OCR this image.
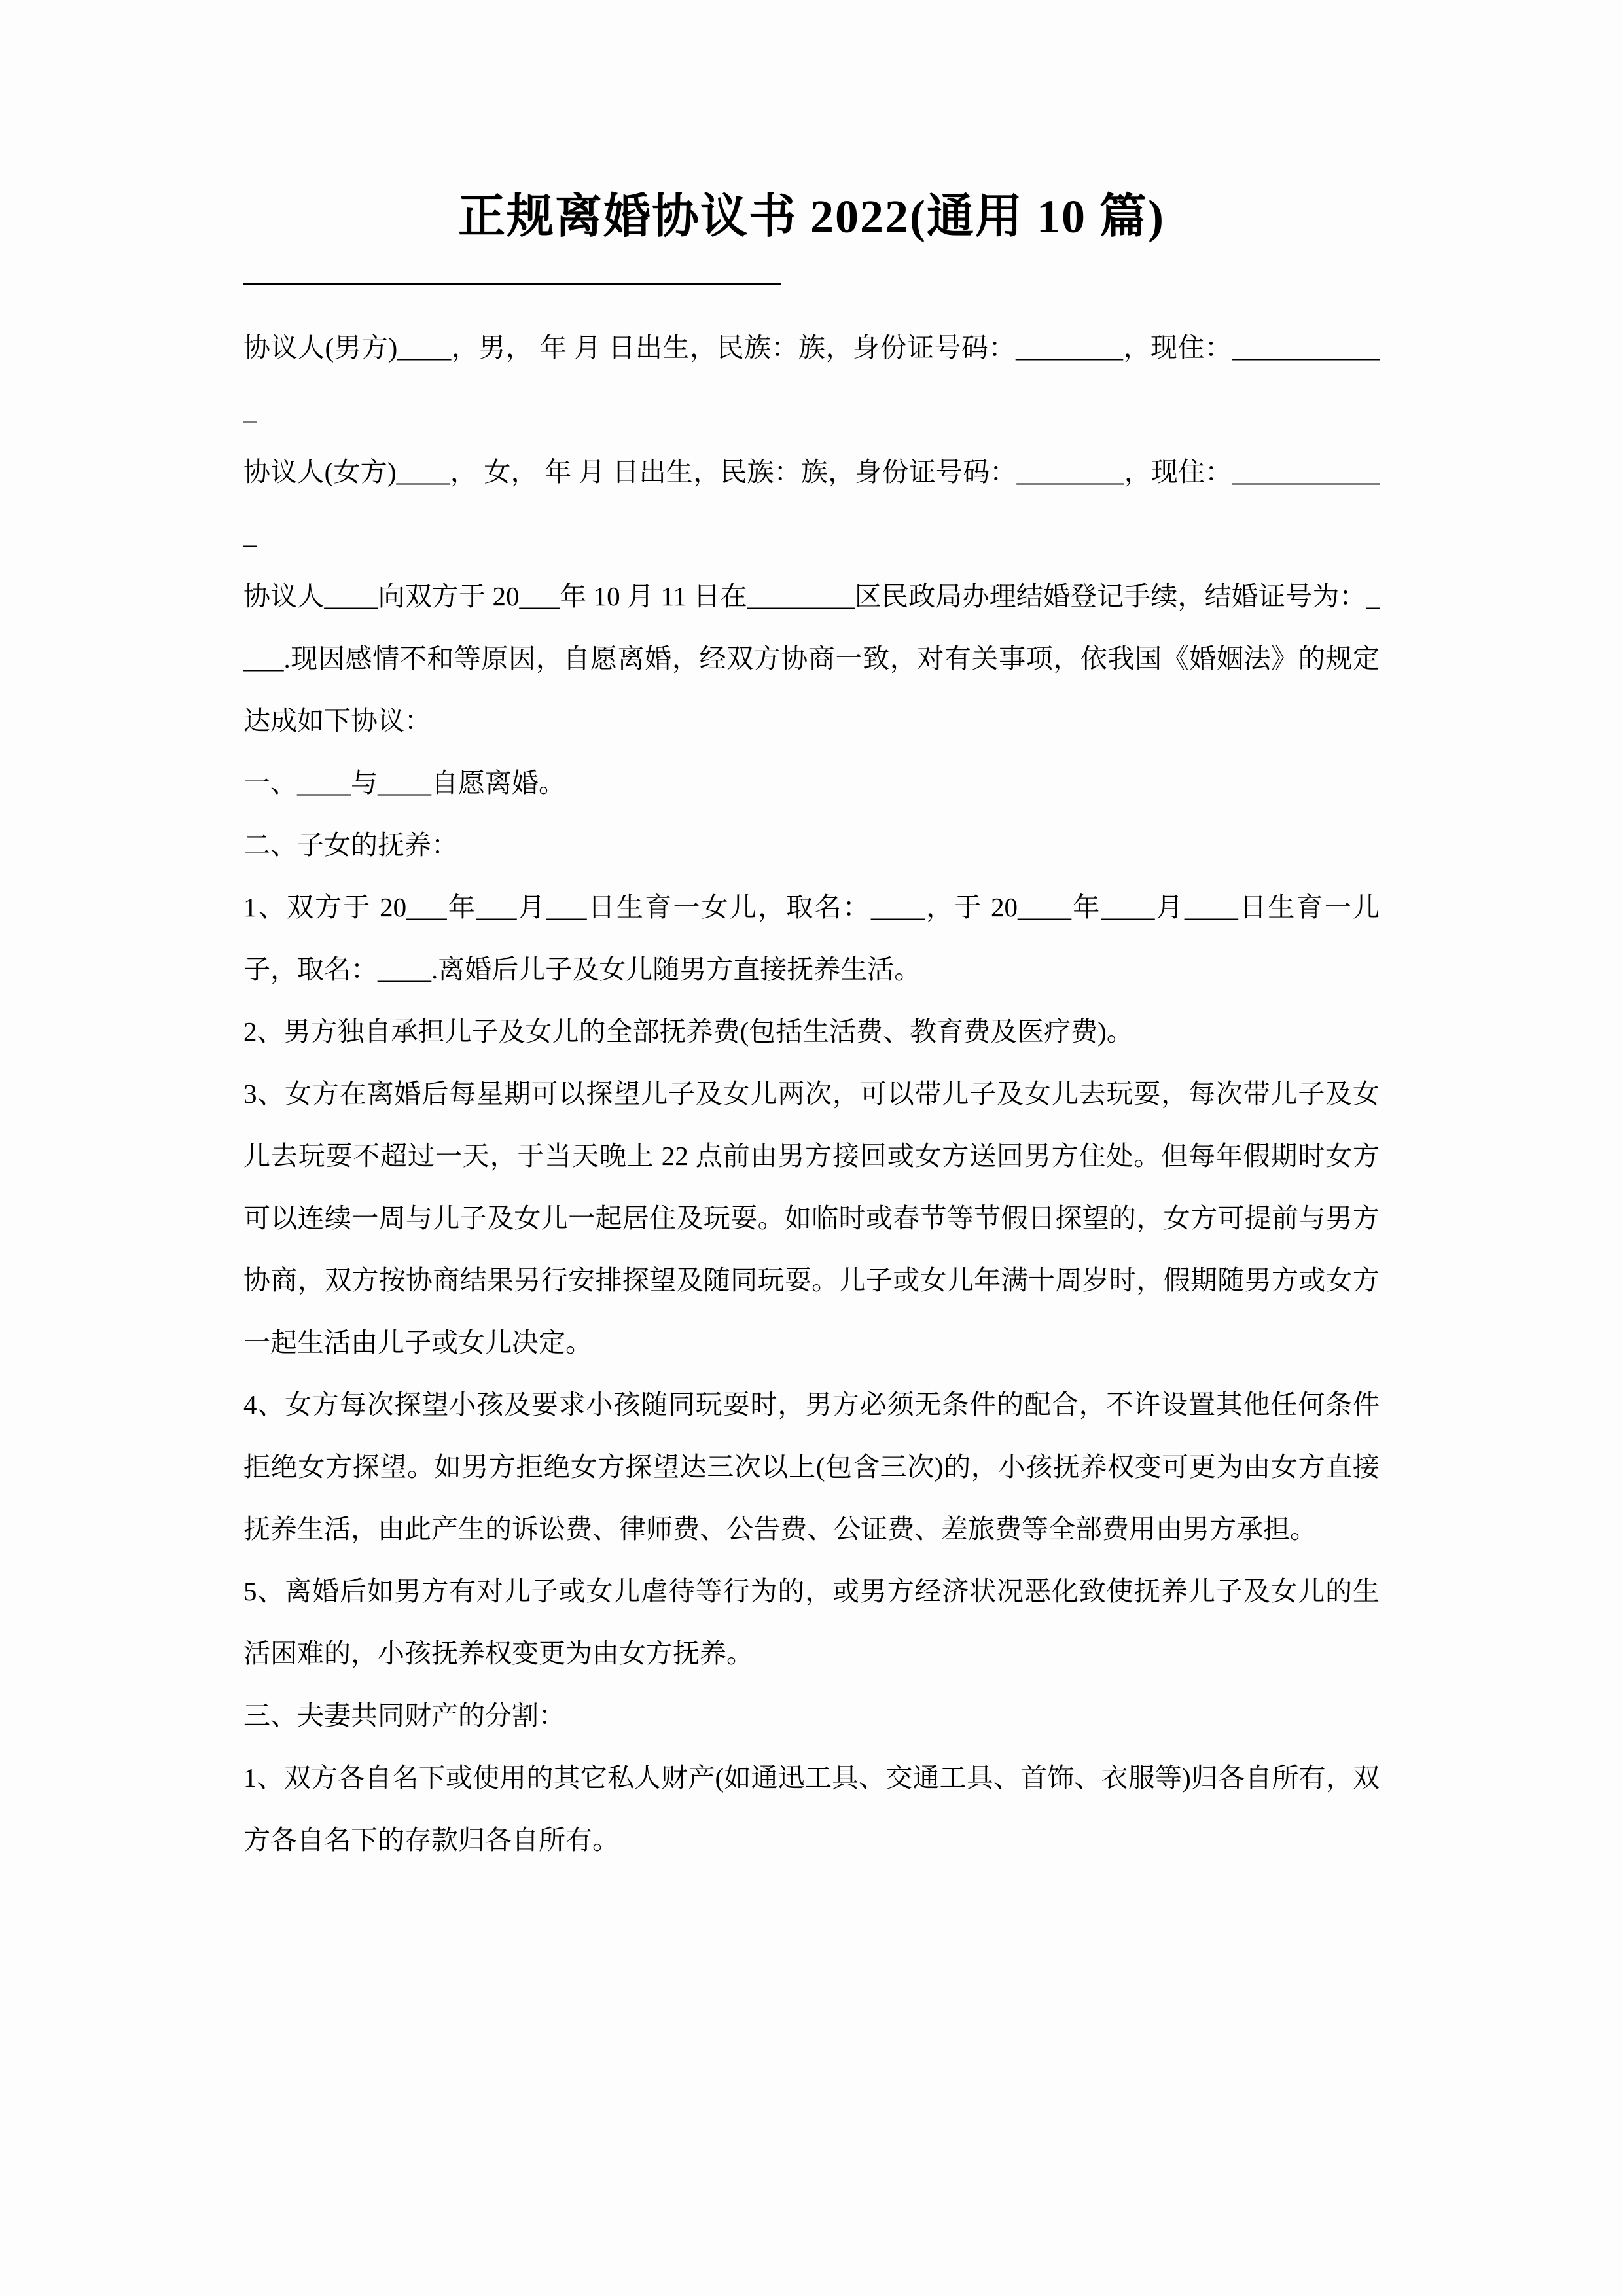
正规离婚协议书 2022(通用 10 篇)
————————————————————

协议人(男方)____，男， 年 月 日出生，民族：族，身份证号码：________，现住：____________

协议人(女方)____， 女， 年 月 日出生，民族：族，身份证号码：________，现住：____________

协议人____向双方于 20___年 10 月 11 日在________区民政局办理结婚登记手续，结婚证号为：____.现因感情不和等原因，自愿离婚，经双方协商一致，对有关事项，依我国《婚姻法》的规定达成如下协议：

一、____与____自愿离婚。

二、子女的抚养：

1、双方于 20___年___月___日生育一女儿，取名：____，于 20____年____月____日生育一儿子，取名：____.离婚后儿子及女儿随男方直接抚养生活。

2、男方独自承担儿子及女儿的全部抚养费(包括生活费、教育费及医疗费)。

3、女方在离婚后每星期可以探望儿子及女儿两次，可以带儿子及女儿去玩耍，每次带儿子及女儿去玩耍不超过一天，于当天晚上 22 点前由男方接回或女方送回男方住处。但每年假期时女方可以连续一周与儿子及女儿一起居住及玩耍。如临时或春节等节假日探望的，女方可提前与男方协商，双方按协商结果另行安排探望及随同玩耍。儿子或女儿年满十周岁时，假期随男方或女方一起生活由儿子或女儿决定。

4、女方每次探望小孩及要求小孩随同玩耍时，男方必须无条件的配合，不许设置其他任何条件拒绝女方探望。如男方拒绝女方探望达三次以上(包含三次)的，小孩抚养权变可更为由女方直接抚养生活，由此产生的诉讼费、律师费、公告费、公证费、差旅费等全部费用由男方承担。

5、离婚后如男方有对儿子或女儿虐待等行为的，或男方经济状况恶化致使抚养儿子及女儿的生活困难的，小孩抚养权变更为由女方抚养。

三、夫妻共同财产的分割：

1、双方各自名下或使用的其它私人财产(如通迅工具、交通工具、首饰、衣服等)归各自所有，双方各自名下的存款归各自所有。
